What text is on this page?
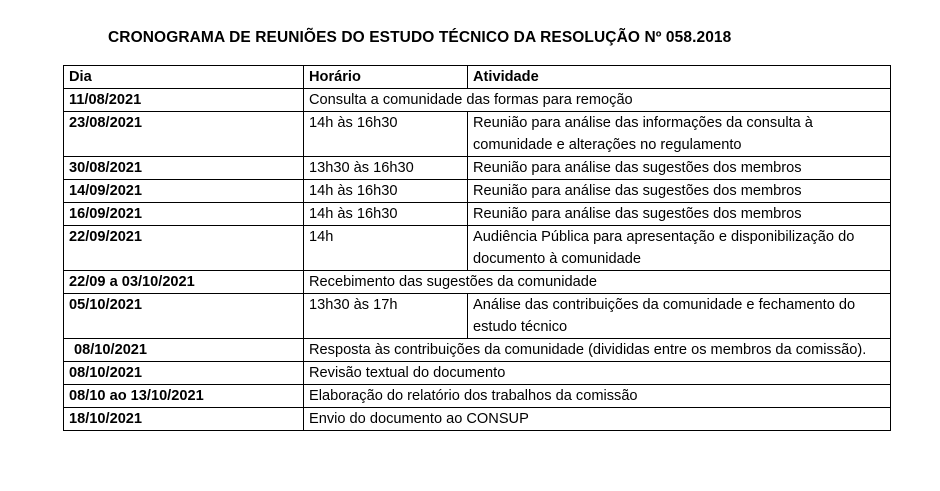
CRONOGRAMA DE REUNIÕES DO ESTUDO TÉCNICO DA RESOLUÇÃO Nº 058.2018
Dia	Horário	Atividade
11/08/2021	Consulta a comunidade das formas para remoção	
23/08/2021	14h às 16h30	Reunião para análise das informações da consulta à comunidade e alterações no regulamento
30/08/2021	13h30 às 16h30	Reunião para análise das sugestões dos membros
14/09/2021	14h às 16h30	Reunião para análise das sugestões dos membros
16/09/2021	14h às 16h30	Reunião para análise das sugestões dos membros
22/09/2021	14h	Audiência Pública para apresentação e disponibilização do documento à comunidade
22/09 a 03/10/2021	Recebimento das sugestões da comunidade	
05/10/2021	13h30 às 17h	Análise das contribuições da comunidade e fechamento do estudo técnico
08/10/2021	Resposta às contribuições da comunidade (divididas entre os membros da comissão).	
08/10/2021	Revisão textual do documento	
08/10 ao 13/10/2021	Elaboração do relatório dos trabalhos da comissão	
18/10/2021	Envio do documento ao CONSUP	
